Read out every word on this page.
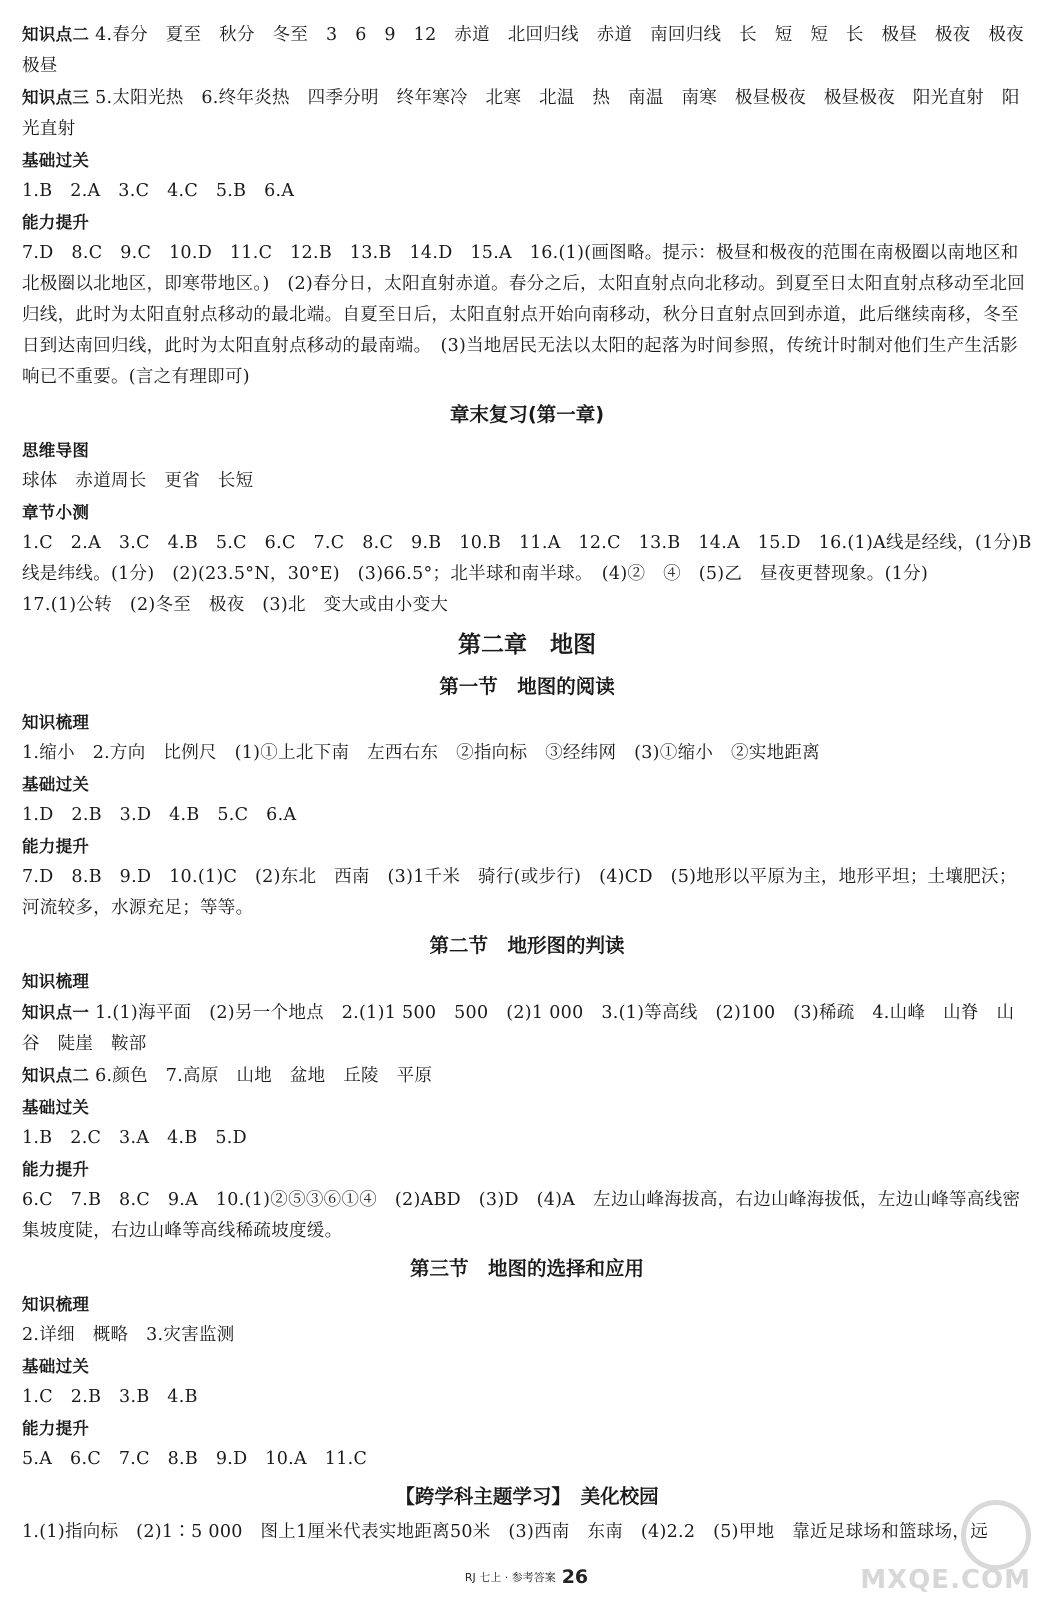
知识点二 4.春分　夏至　秋分　冬至　3　6　9　12　赤道　北回归线　赤道　南回归线　长　短　短　长　极昼　极夜　极夜　极昼

知识点三 5.太阳光热　6.终年炎热　四季分明　终年寒冷　北寒　北温　热　南温　南寒　极昼极夜　极昼极夜　阳光直射　阳光直射

基础过关

1.B　2.A　3.C　4.C　5.B　6.A

能力提升

7.D　8.C　9.C　10.D　11.C　12.B　13.B　14.D　15.A　16.(1)(画图略。提示：极昼和极夜的范围在南极圈以南地区和北极圈以北地区，即寒带地区。)　(2)春分日，太阳直射赤道。春分之后，太阳直射点向北移动。到夏至日太阳直射点移动至北回归线，此时为太阳直射点移动的最北端。自夏至日后，太阳直射点开始向南移动，秋分日直射点回到赤道，此后继续南移，冬至日到达南回归线，此时为太阳直射点移动的最南端。　(3)当地居民无法以太阳的起落为时间参照，传统计时制对他们生产生活影响已不重要。(言之有理即可)

章末复习(第一章)

思维导图

球体　赤道周长　更省　长短

章节小测

1.C　2.A　3.C　4.B　5.C　6.C　7.C　8.C　9.B　10.B　11.A　12.C　13.B　14.A　15.D　16.(1)A线是经线，(1分)B线是纬线。(1分)　(2)(23.5°N，30°E)　(3)66.5°；北半球和南半球。　(4)②　④　(5)乙　昼夜更替现象。(1分)

17.(1)公转　(2)冬至　极夜　(3)北　变大或由小变大

第二章　地图
第一节　地图的阅读

知识梳理

1.缩小　2.方向　比例尺　(1)①上北下南　左西右东　②指向标　③经纬网　(3)①缩小　②实地距离

基础过关

1.D　2.B　3.D　4.B　5.C　6.A

能力提升

7.D　8.B　9.D　10.(1)C　(2)东北　西南　(3)1千米　骑行(或步行)　(4)CD　(5)地形以平原为主，地形平坦；土壤肥沃；河流较多，水源充足；等等。

第二节　地形图的判读

知识梳理

知识点一 1.(1)海平面　(2)另一个地点　2.(1)1 500　500　(2)1 000　3.(1)等高线　(2)100　(3)稀疏　4.山峰　山脊　山谷　陡崖　鞍部

知识点二 6.颜色　7.高原　山地　盆地　丘陵　平原

基础过关

1.B　2.C　3.A　4.B　5.D

能力提升

6.C　7.B　8.C　9.A　10.(1)②⑤③⑥①④　(2)ABD　(3)D　(4)A　左边山峰海拔高，右边山峰海拔低，左边山峰等高线密集坡度陡，右边山峰等高线稀疏坡度缓。

第三节　地图的选择和应用

知识梳理

2.详细　概略　3.灾害监测

基础过关

1.C　2.B　3.B　4.B

能力提升

5.A　6.C　7.C　8.B　9.D　10.A　11.C

【跨学科主题学习】　美化校园

1.(1)指向标　(2)1∶5 000　图上1厘米代表实地距离50米　(3)西南　东南　(4)2.2　(5)甲地　靠近足球场和篮球场，远

RJ 七上 · 参考答案 26	MXQE.COM
